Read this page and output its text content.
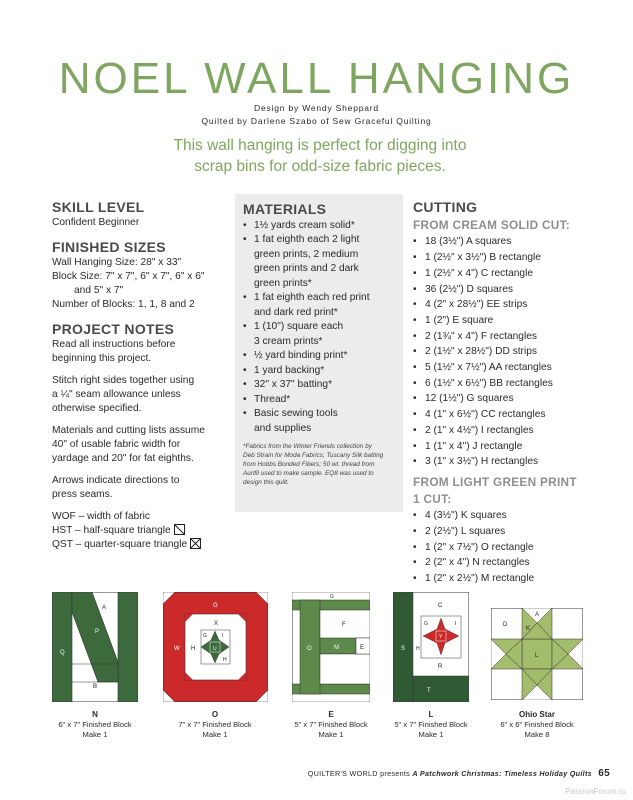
NOEL WALL HANGING
Design by Wendy Sheppard
Quilted by Darlene Szabo of Sew Graceful Quilting
This wall hanging is perfect for digging into
scrap bins for odd-size fabric pieces.
SKILL LEVEL
Confident Beginner
FINISHED SIZES
Wall Hanging Size: 28" x 33"
Block Size: 7" x 7", 6" x 7", 6" x 6"
and 5" x 7"
Number of Blocks: 1, 1, 8 and 2
PROJECT NOTES

Read all instructions before
beginning this project.

Stitch right sides together using
a ¼" seam allowance unless
otherwise specified.

Materials and cutting lists assume
40" of usable fabric width for
yardage and 20" for fat eighths.

Arrows indicate directions to
press seams.

WOF – width of fabric
HST – half-square triangle
QST – quarter-square triangle
MATERIALS
• 1½ yards cream solid*
• 1 fat eighth each 2 light
green prints, 2 medium
green prints and 2 dark
green prints*
• 1 fat eighth each red print
and dark red print*
• 1 (10") square each
3 cream prints*
• ½ yard binding print*
• 1 yard backing*
• 32" x 37" batting*
• Thread*
• Basic sewing tools
and supplies
*Fabrics from the Winter Friends collection by
Deb Strain for Moda Fabrics; Tuscany Silk batting
from Hobbs Bonded Fibers; 50 wt. thread from
Aurifil used to make sample. EQ8 was used to
design this quilt.
CUTTING
FROM CREAM SOLID CUT:
• 18 (3½") A squares
• 1 (2½" x 3½") B rectangle
• 1 (2½" x 4") C rectangle
• 36 (2½") D squares
• 4 (2" x 28½") EE strips
• 1 (2") E square
• 2 (1¾" x 4") F rectangles
• 2 (1½" x 28½") DD strips
• 5 (1½" x 7½") AA rectangles
• 6 (1½" x 6½") BB rectangles
• 12 (1½") G squares
• 4 (1" x 6½") CC rectangles
• 2 (1" x 4½") I rectangles
• 1 (1" x 4") J rectangle
• 3 (1" x 3½") H rectangles
FROM LIGHT GREEN PRINT
1 CUT:
• 4 (3½") K squares
• 2 (2½") L squares
• 1 (2" x 7½") O rectangle
• 2 (2" x 4") N rectangles
• 1 (2" x 2½") M rectangle
A
P
Q
B
N
6" x 7" Finished Block
Make 1
G
X
W H
G	I
U
H
O
7" x 7" Finished Block
Make 1
G
F
O	M	E
E
5" x 7" Finished Block
Make 1
C
G	I
S H
Y
R
T
L
5" x 7" Finished Block
Make 1
A
D
K
L
Ohio Star
6" x 6" Finished Block
Make 8
QUILTER'S WORLD presents A Patchwork Christmas: Timeless Holiday Quilts 65
PassionForum.ru
